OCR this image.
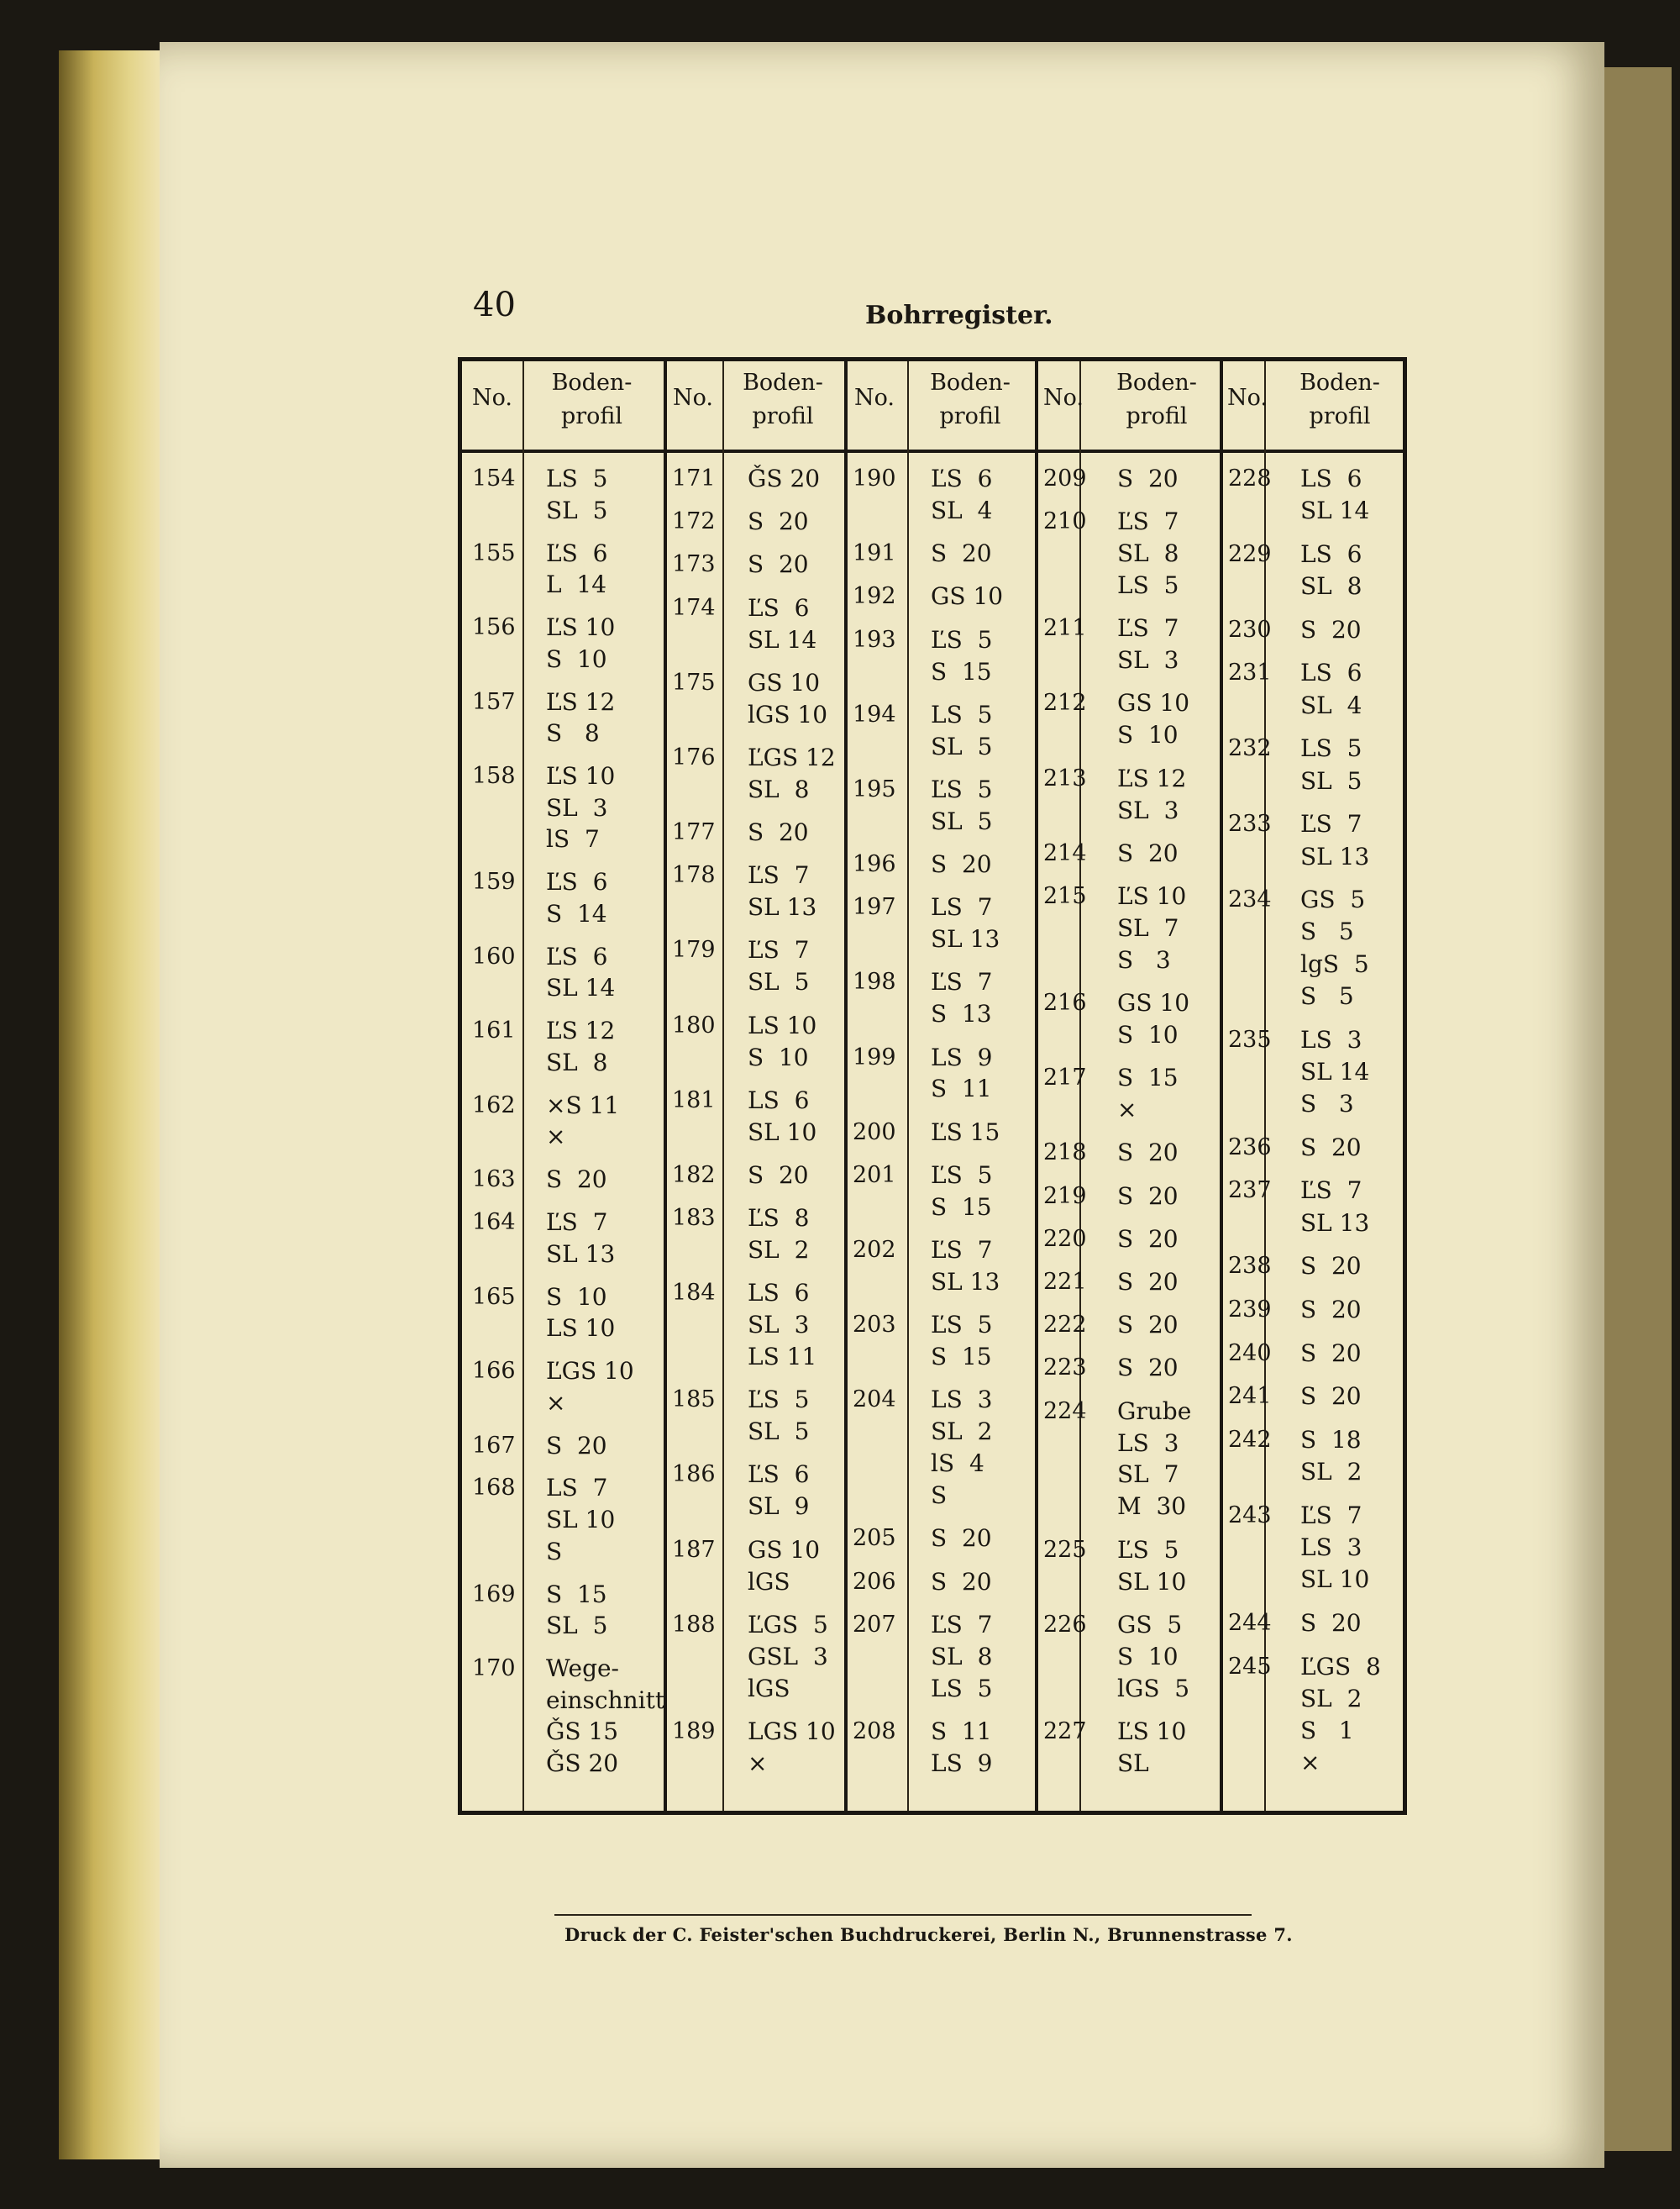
40	Bohrregister.
No.
Boden-
profil
No.
Boden-
profil
No.
Boden-
profil
No.
Boden-
profil
No.
Boden-
profil
154 LS  5
SL  5
155 ĽS  6
L  14
156 ĽS 10
S  10
157 ĽS 12
S   8
158 ĽS 10
SL  3
lS  7
159 ĽS  6
S  14
160 ĽS  6
SL 14
161 ĽS 12
SL  8
162 ×S 11
×
163 S  20
164 ĽS  7
SL 13
165 S  10
LS 10
166 ĽGS 10
×
167 S  20
168 LS  7
SL 10
S
169 S  15
SL  5
170 Wege-
einschnitt
ǦS 15
ǦS 20
171 ǦS 20
172 S  20
173 S  20
174 ĽS  6
SL 14
175 GS 10
lGS 10
176 ĽGS 12
SL  8
177 S  20
178 ĽS  7
SL 13
179 ĽS  7
SL  5
180 LS 10
S  10
181 LS  6
SL 10
182 S  20
183 ĽS  8
SL  2
184 LS  6
SL  3
LS 11
185 ĽS  5
SL  5
186 ĽS  6
SL  9
187 GS 10
lGS
188 ĽGS  5
GSL  3
lGS
189 LGS 10
×
190 ĽS  6
SL  4
191 S  20
192 GS 10
193 ĽS  5
S  15
194 LS  5
SL  5
195 ĽS  5
SL  5
196 S  20
197 LS  7
SL 13
198 ĽS  7
S  13
199 LS  9
S  11
200 ĽS 15
201 ĽS  5
S  15
202 ĽS  7
SL 13
203 ĽS  5
S  15
204 LS  3
SL  2
lS  4
S
205 S  20
206 S  20
207 ĽS  7
SL  8
LS  5
208 S  11
LS  9
209 S  20
210 ĽS  7
SL  8
LS  5
211 ĽS  7
SL  3
212 GS 10
S  10
213 ĽS 12
SL  3
214 S  20
215 ĽS 10
SL  7
S   3
216 GS 10
S  10
217 S  15
×
218 S  20
219 S  20
220 S  20
221 S  20
222 S  20
223 S  20
224 Grube
LS  3
SL  7
M  30
225 ĽS  5
SL 10
226 GS  5
S  10
lGS  5
227 ĽS 10
SL
228 LS  6
SL 14
229 LS  6
SL  8
230 S  20
231 LS  6
SL  4
232 LS  5
SL  5
233 ĽS  7
SL 13
234 GS  5
S   5
lgS  5
S   5
235 LS  3
SL 14
S   3
236 S  20
237 ĽS  7
SL 13
238 S  20
239 S  20
240 S  20
241 S  20
242 S  18
SL  2
243 ĽS  7
LS  3
SL 10
244 S  20
245 ĽGS  8
SL  2
S   1
×
Druck der C. Feister'schen Buchdruckerei, Berlin N., Brunnenstrasse 7.
